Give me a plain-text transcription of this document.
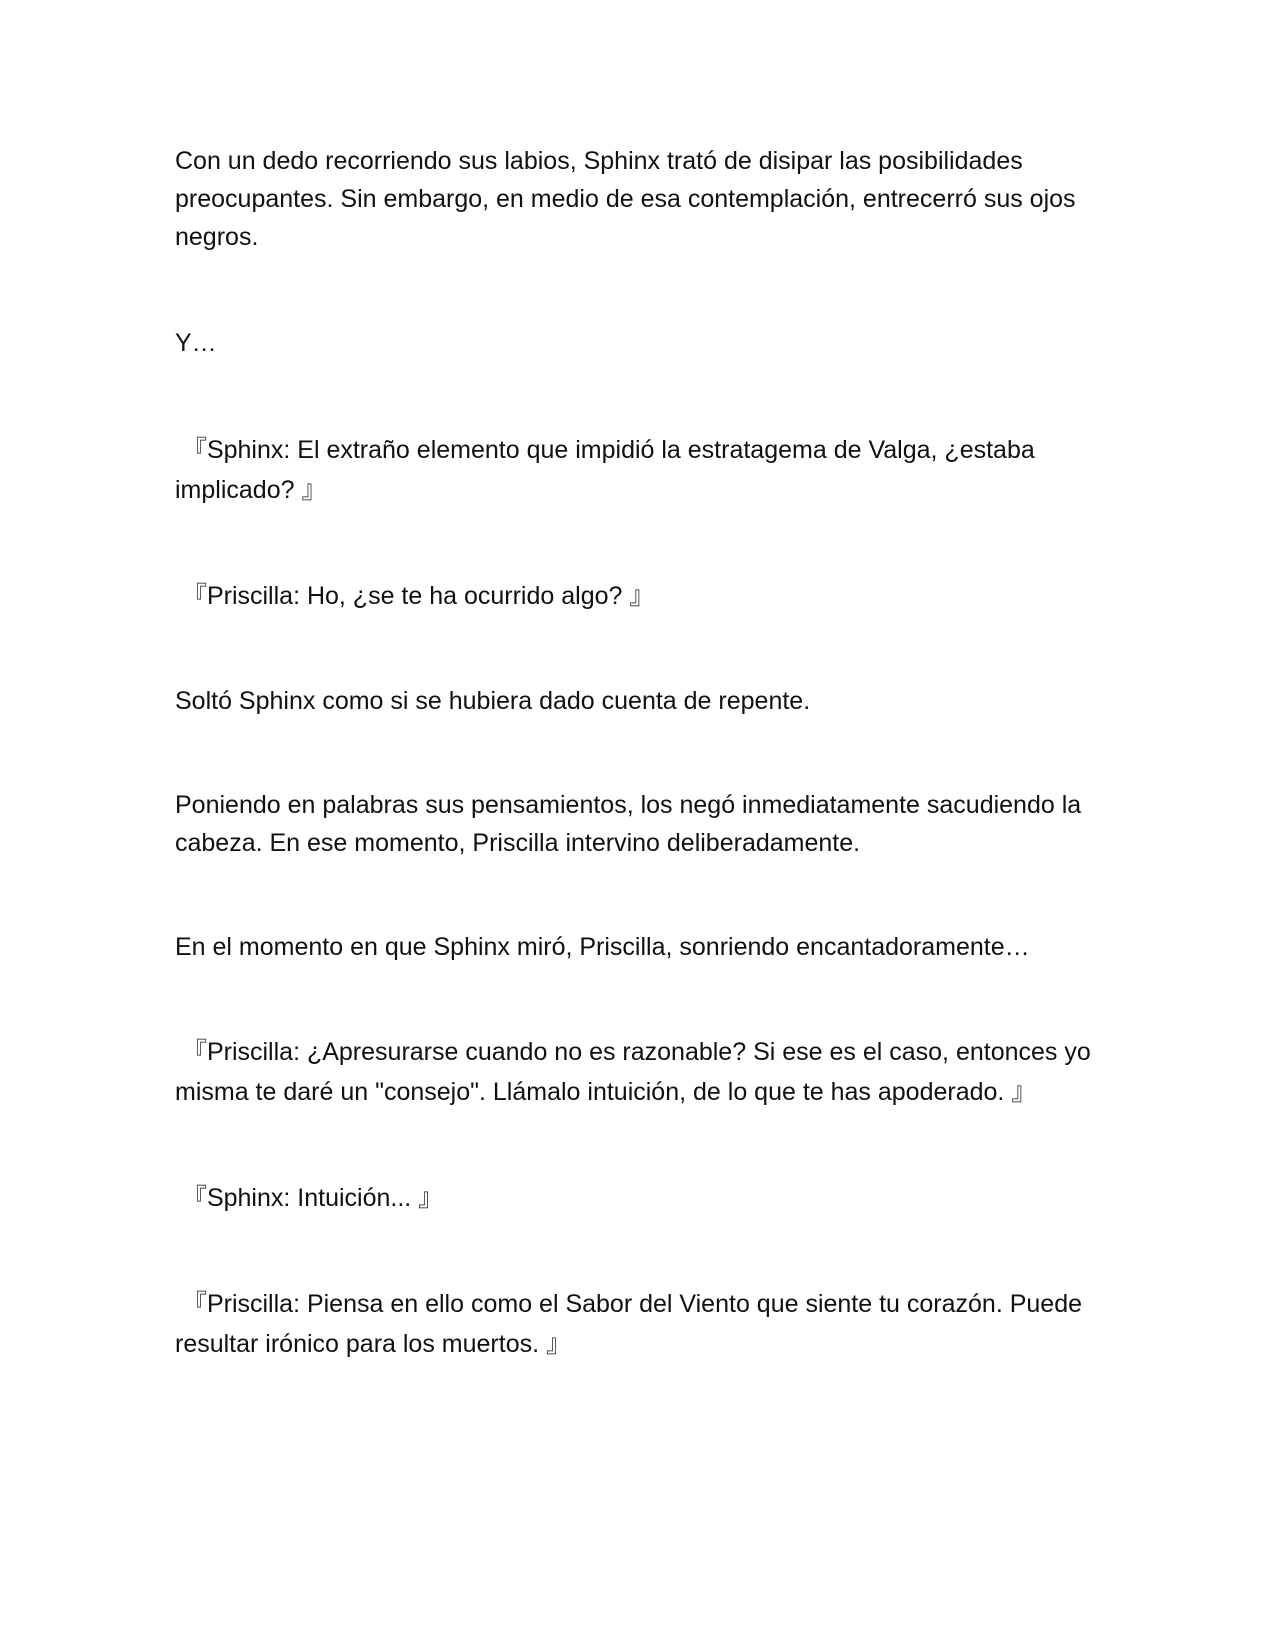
Con un dedo recorriendo sus labios, Sphinx trató de disipar las posibilidades preocupantes. Sin embargo, en medio de esa contemplación, entrecerró sus ojos negros.

Y…

『Sphinx: El extraño elemento que impidió la estratagema de Valga, ¿estaba implicado? 』

『Priscilla: Ho, ¿se te ha ocurrido algo? 』

Soltó Sphinx como si se hubiera dado cuenta de repente.

Poniendo en palabras sus pensamientos, los negó inmediatamente sacudiendo la cabeza. En ese momento, Priscilla intervino deliberadamente.

En el momento en que Sphinx miró, Priscilla, sonriendo encantadoramente…

『Priscilla: ¿Apresurarse cuando no es razonable? Si ese es el caso, entonces yo misma te daré un "consejo". Llámalo intuición, de lo que te has apoderado. 』

『Sphinx: Intuición... 』

『Priscilla: Piensa en ello como el Sabor del Viento que siente tu corazón. Puede resultar irónico para los muertos. 』
